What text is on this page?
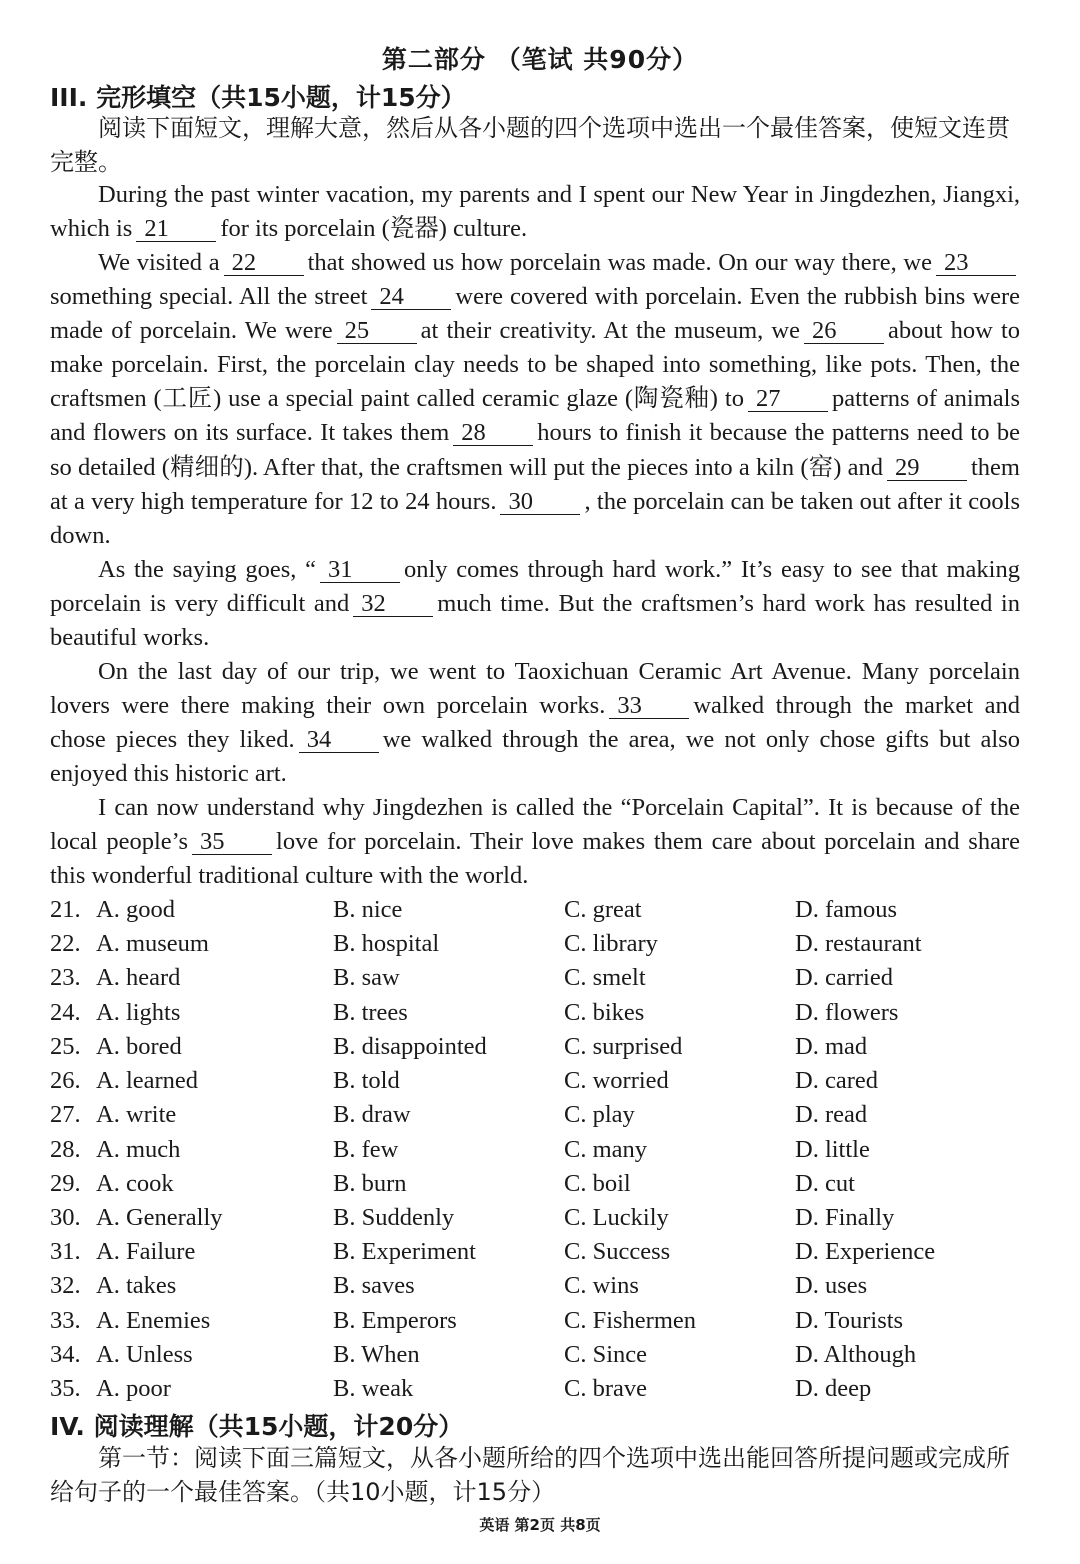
第二部分 （笔试 共90分）
III. 完形填空（共15小题，计15分）
阅读下面短文，理解大意，然后从各小题的四个选项中选出一个最佳答案，使短文连贯完整。
During the past winter vacation, my parents and I spent our New Year in Jingdezhen, Jiangxi, which is 21 for its porcelain (瓷器) culture.
We visited a 22 that showed us how porcelain was made. On our way there, we 23something special. All the street 24 were covered with porcelain. Even the rubbish bins were made of porcelain. We were 25 at their creativity. At the museum, we 26 about how to make porcelain. First, the porcelain clay needs to be shaped into something, like pots. Then, the craftsmen (工匠) use a special paint called ceramic glaze (陶瓷釉) to 27 patterns of animals and flowers on its surface. It takes them 28 hours to finish it because the patterns need to be so detailed (精细的). After that, the craftsmen will put the pieces into a kiln (窑) and 29 them at a very high temperature for 12 to 24 hours. 30 , the porcelain can be taken out after it cools down.
As the saying goes, “ 31 only comes through hard work.” It’s easy to see that making porcelain is very difficult and 32 much time. But the craftsmen’s hard work has resulted in beautiful works.
On the last day of our trip, we went to Taoxichuan Ceramic Art Avenue. Many porcelain lovers were there making their own porcelain works. 33 walked through the market and chose pieces they liked. 34 we walked through the area, we not only chose gifts but also enjoyed this historic art.
I can now understand why Jingdezhen is called the “Porcelain Capital”. It is because of the local people’s 35 love for porcelain. Their love makes them care about porcelain and share this wonderful traditional culture with the world.
21. A. good	B. nice	C. great	D. famous
22. A. museum	B. hospital	C. library	D. restaurant
23. A. heard	B. saw	C. smelt	D. carried
24. A. lights	B. trees	C. bikes	D. flowers
25. A. bored	B. disappointed	C. surprised	D. mad
26. A. learned	B. told	C. worried	D. cared
27. A. write	B. draw	C. play	D. read
28. A. much	B. few	C. many	D. little
29. A. cook	B. burn	C. boil	D. cut
30. A. Generally	B. Suddenly	C. Luckily	D. Finally
31. A. Failure	B. Experiment	C. Success	D. Experience
32. A. takes	B. saves	C. wins	D. uses
33. A. Enemies	B. Emperors	C. Fishermen	D. Tourists
34. A. Unless	B. When	C. Since	D. Although
35. A. poor	B. weak	C. brave	D. deep
IV. 阅读理解（共15小题，计20分）
第一节：阅读下面三篇短文，从各小题所给的四个选项中选出能回答所提问题或完成所给句子的一个最佳答案。（共10小题，计15分）
英语 第2页 共8页
